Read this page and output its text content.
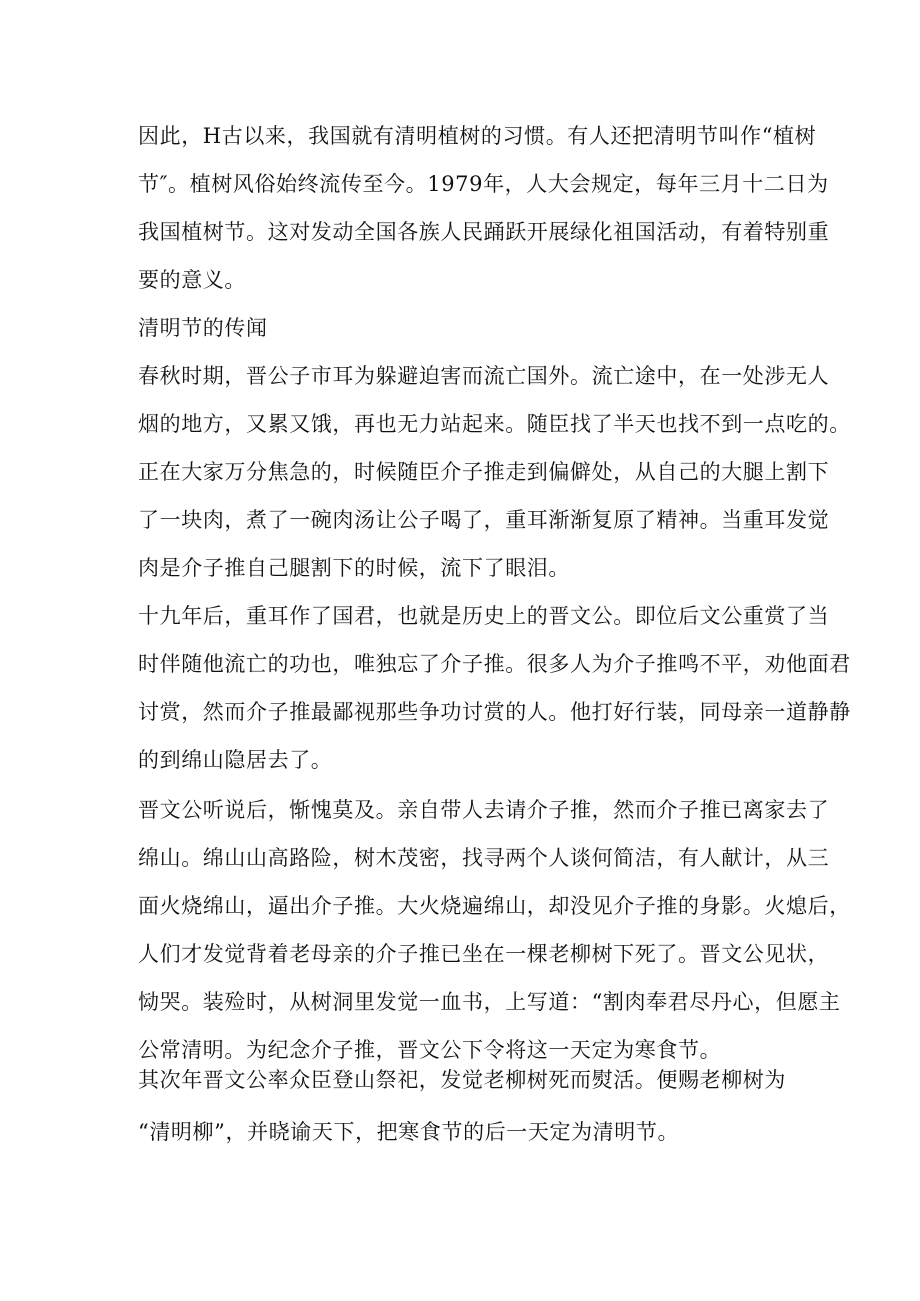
因此，H古以来，我国就有清明植树的习惯。有人还把清明节叫作“植树
节″。植树风俗始终流传至今。1979年，人大会规定，每年三月十二日为
我国植树节。这对发动全国各族人民踊跃开展绿化祖国活动，有着特别重
要的意义。
清明节的传闻
春秋时期，晋公子市耳为躲避迫害而流亡国外。流亡途中，在一处涉无人
烟的地方，又累又饿，再也无力站起来。随臣找了半天也找不到一点吃的。
正在大家万分焦急的，时候随臣介子推走到偏僻处，从自己的大腿上割下
了一块肉，煮了一碗肉汤让公子喝了，重耳渐渐复原了精神。当重耳发觉
肉是介子推自己腿割下的时候，流下了眼泪。
十九年后，重耳作了国君，也就是历史上的晋文公。即位后文公重赏了当
时伴随他流亡的功也，唯独忘了介子推。很多人为介子推鸣不平，劝他面君
讨赏，然而介子推最鄙视那些争功讨赏的人。他打好行装，同母亲一道静静
的到绵山隐居去了。
晋文公听说后，惭愧莫及。亲自带人去请介子推，然而介子推已离家去了
绵山。绵山山高路险，树木茂密，找寻两个人谈何简洁，有人献计，从三
面火烧绵山，逼出介子推。大火烧遍绵山，却没见介子推的身影。火熄后，
人们才发觉背着老母亲的介子推已坐在一棵老柳树下死了。晋文公见状，
恸哭。装殓时，从树洞里发觉一血书，上写道：“割肉奉君尽丹心，但愿主
公常清明。为纪念介子推，晋文公下令将这一天定为寒食节。
其次年晋文公率众臣登山祭祀，发觉老柳树死而熨活。便赐老柳树为
“清明柳”，并晓谕天下，把寒食节的后一天定为清明节。
